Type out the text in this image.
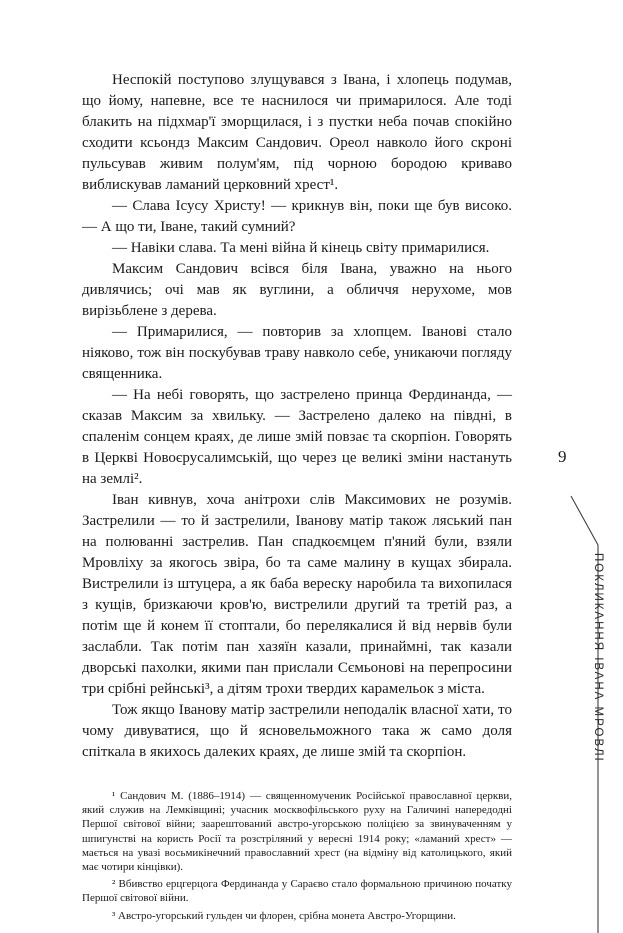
Неспокій поступово злущувався з Івана, і хлопець подумав, що йому, напевне, все те наснилося чи примарилося. Але тоді блакить на підхмар'ї зморщилася, і з пустки неба почав спокійно сходити ксьондз Максим Сандович. Ореол навколо його скроні пульсував живим полум'ям, під чорною бородою криваво виблискував ламаний церковний хрест¹.

— Слава Ісусу Христу! — крикнув він, поки ще був високо. — А що ти, Іване, такий сумний?

— Навіки слава. Та мені війна й кінець світу примарилися.

Максим Сандович всівся біля Івана, уважно на нього дивлячись; очі мав як вуглини, а обличчя нерухоме, мов вирізьблене з дерева.

— Примарилися, — повторив за хлопцем. Іванові стало ніяково, тож він поскубував траву навколо себе, уникаючи погляду священника.

— На небі говорять, що застрелено принца Фердинанда, — сказав Максим за хвильку. — Застрелено далеко на півдні, в спаленім сонцем краях, де лише змій повзає та скорпіон. Говорять в Церкві Новоєрусалимській, що через це великі зміни настануть на землі².

Іван кивнув, хоча анітрохи слів Максимових не розумів. Застрелили — то й застрелили, Іванову матір також ляський пан на полюванні застрелив. Пан спадкоємцем п'яний були, взяли Мровліху за якогось звіра, бо та саме малину в кущах збирала. Вистрелили із штуцера, а як баба вереску наробила та вихопилася з кущів, бризкаючи кров'ю, вистрелили другий та третій раз, а потім ще й конем її стоптали, бо перелякалися й від нервів були заслабли. Так потім пан хазяїн казали, принаймні, так казали дворські пахолки, якими пан прислали Сємьонові на перепросини три срібні рейнські³, а дітям трохи твердих карамельок з міста.

Тож якщо Іванову матір застрелили неподалік власної хати, то чому дивуватися, що й ясновельможного така ж само доля спіткала в якихось далеких краях, де лише змій та скорпіон.

¹ Сандович М. (1886–1914) — священномученик Російської православної церкви, який служив на Лемківщині; учасник москвофільського руху на Галичині напередодні Першої світової війни; заарештований австро-угорською поліцією за звинуваченням у шпигунстві на користь Росії та розстріляний у вересні 1914 року; «ламаний хрест» — мається на увазі восьмикінечний православний хрест (на відміну від католицького, який має чотири кінцівки).

² Вбивство ерцгерцога Фердинанда у Сараєво стало формальною причиною початку Першої світової війни.

³ Австро-угорський гульден чи флорен, срібна монета Австро-Угорщини.

9
ПОКЛИКАННЯ ІВАНА МРОВЛІ
